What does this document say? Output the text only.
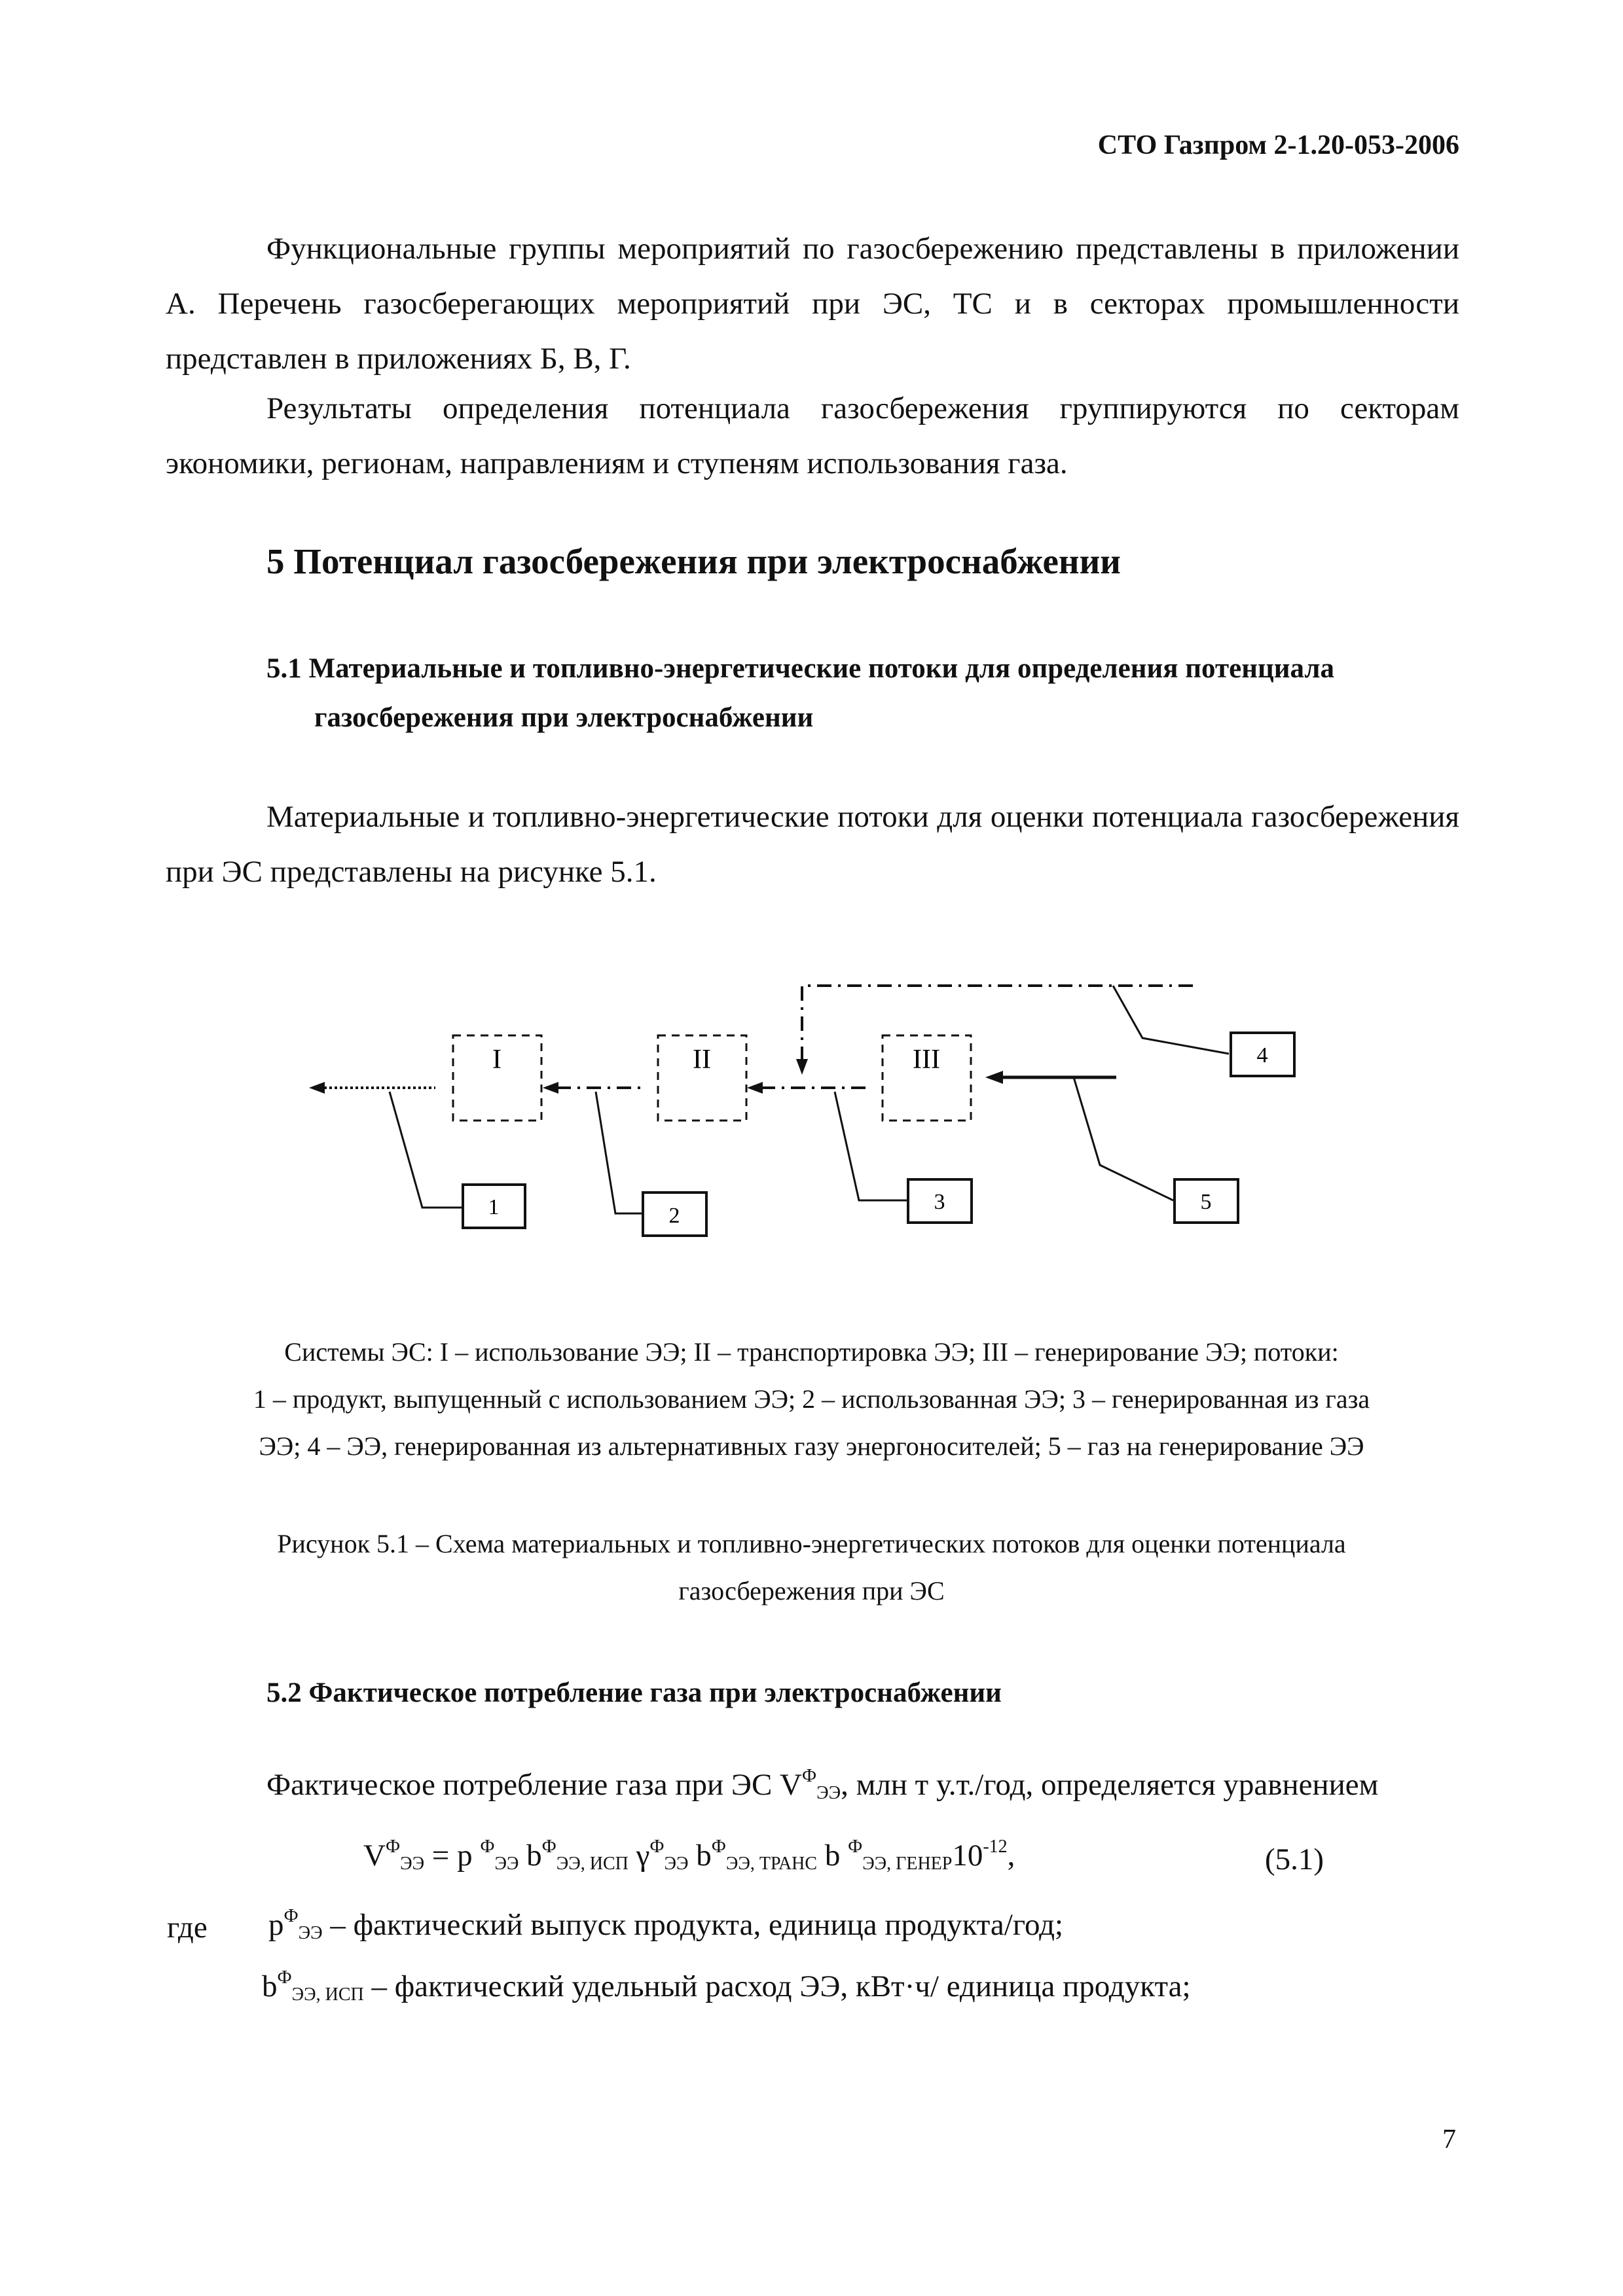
СТО Газпром 2-1.20-053-2006
Функциональные группы мероприятий по газосбережению представлены в приложении А. Перечень газосберегающих мероприятий при ЭС, ТС и в секторах промышленности представлен в приложениях Б, В, Г.
Результаты определения потенциала газосбережения группируются по секторам экономики, регионам, направлениям и ступеням использования газа.
5 Потенциал газосбережения при электроснабжении
5.1 Материальные и топливно-энергетические потоки для определения потенциала
газосбережения при электроснабжении
Материальные и топливно-энергетические потоки для оценки потенциала газосбережения при ЭС представлены на рисунке 5.1.
I	II	III
1	2
3
4
5
Системы ЭС: I – использование ЭЭ; II – транспортировка ЭЭ; III – генерирование ЭЭ; потоки:
1 – продукт, выпущенный с использованием ЭЭ; 2 – использованная ЭЭ; 3 – генерированная из газа
ЭЭ; 4 – ЭЭ, генерированная из альтернативных газу энергоносителей; 5 – газ на генерирование ЭЭ
Рисунок 5.1 – Схема материальных и топливно-энергетических потоков для оценки потенциала
газосбережения при ЭС
5.2 Фактическое потребление газа при электроснабжении
Фактическое потребление газа при ЭС $V^Ф_{ЭЭ}$, млн т у.т./год, определяется уравнением
$V^Ф_{ЭЭ} = p$ $^Ф_{ЭЭ}$ $b^Ф_{ЭЭ, ИСП}$ $\gamma^Ф_{ЭЭ}$ $b^Ф_{ЭЭ, ТРАНС}$ b $^Ф_{ЭЭ, ГЕНЕР}10^{-12}$,	(5.1)
где $p^Ф_{ЭЭ}$ – фактический выпуск продукта, единица продукта/год;
$b^Ф_{ЭЭ, ИСП}$ – фактический удельный расход ЭЭ, кВт·ч/ единица продукта;
7
